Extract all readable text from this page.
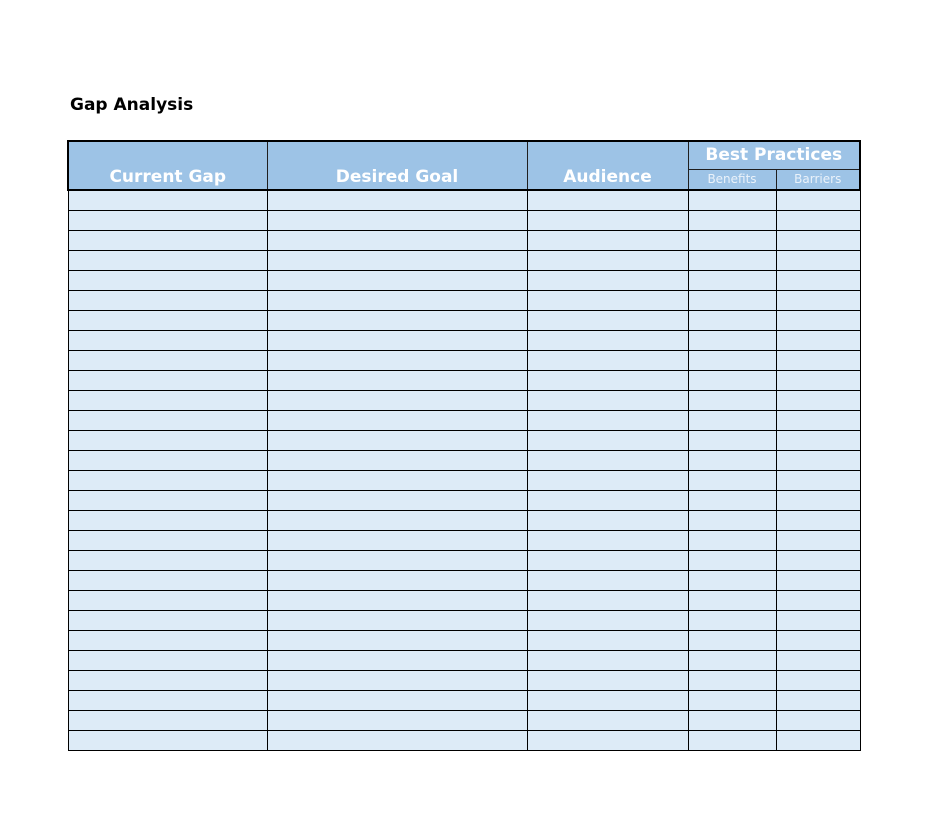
Gap Analysis
Current Gap	Desired Goal	Audience	Best Practices	
			Benefits	Barriers
